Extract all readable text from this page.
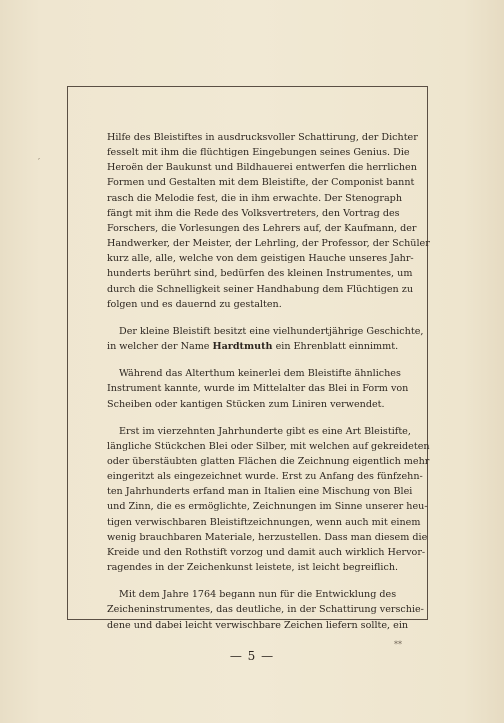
′
Hilfe des Bleistiftes in ausdrucksvoller Schattirung, der Dichter
fesselt mit ihm die flüchtigen Eingebungen seines Genius. Die
Heroën der Baukunst und Bildhauerei entwerfen die herrlichen
Formen und Gestalten mit dem Bleistifte, der Componist bannt
rasch die Melodie fest, die in ihm erwachte. Der Stenograph
fängt mit ihm die Rede des Volksvertreters, den Vortrag des
Forschers, die Vorlesungen des Lehrers auf, der Kaufmann, der
Handwerker, der Meister, der Lehrling, der Professor, der Schüler
kurz alle, alle, welche von dem geistigen Hauche unseres Jahr-
hunderts berührt sind, bedürfen des kleinen Instrumentes, um
durch die Schnelligkeit seiner Handhabung dem Flüchtigen zu
folgen und es dauernd zu gestalten.
Der kleine Bleistift besitzt eine vielhundertjährige Geschichte,
in welcher der Name Hardtmuth ein Ehrenblatt einnimmt.
Während das Alterthum keinerlei dem Bleistifte ähnliches
Instrument kannte, wurde im Mittelalter das Blei in Form von
Scheiben oder kantigen Stücken zum Liniren verwendet.
Erst im vierzehnten Jahrhunderte gibt es eine Art Bleistifte,
längliche Stückchen Blei oder Silber, mit welchen auf gekreideten
oder überstäubten glatten Flächen die Zeichnung eigentlich mehr
eingeritzt als eingezeichnet wurde. Erst zu Anfang des fünfzehn-
ten Jahrhunderts erfand man in Italien eine Mischung von Blei
und Zinn, die es ermöglichte, Zeichnungen im Sinne unserer heu-
tigen verwischbaren Bleistiftzeichnungen, wenn auch mit einem
wenig brauchbaren Materiale, herzustellen. Dass man diesem die
Kreide und den Rothstift vorzog und damit auch wirklich Hervor-
ragendes in der Zeichenkunst leistete, ist leicht begreiflich.
Mit dem Jahre 1764 begann nun für die Entwicklung des
Zeicheninstrumentes, das deutliche, in der Schattirung verschie-
dene und dabei leicht verwischbare Zeichen liefern sollte, ein
— 5 —
**
